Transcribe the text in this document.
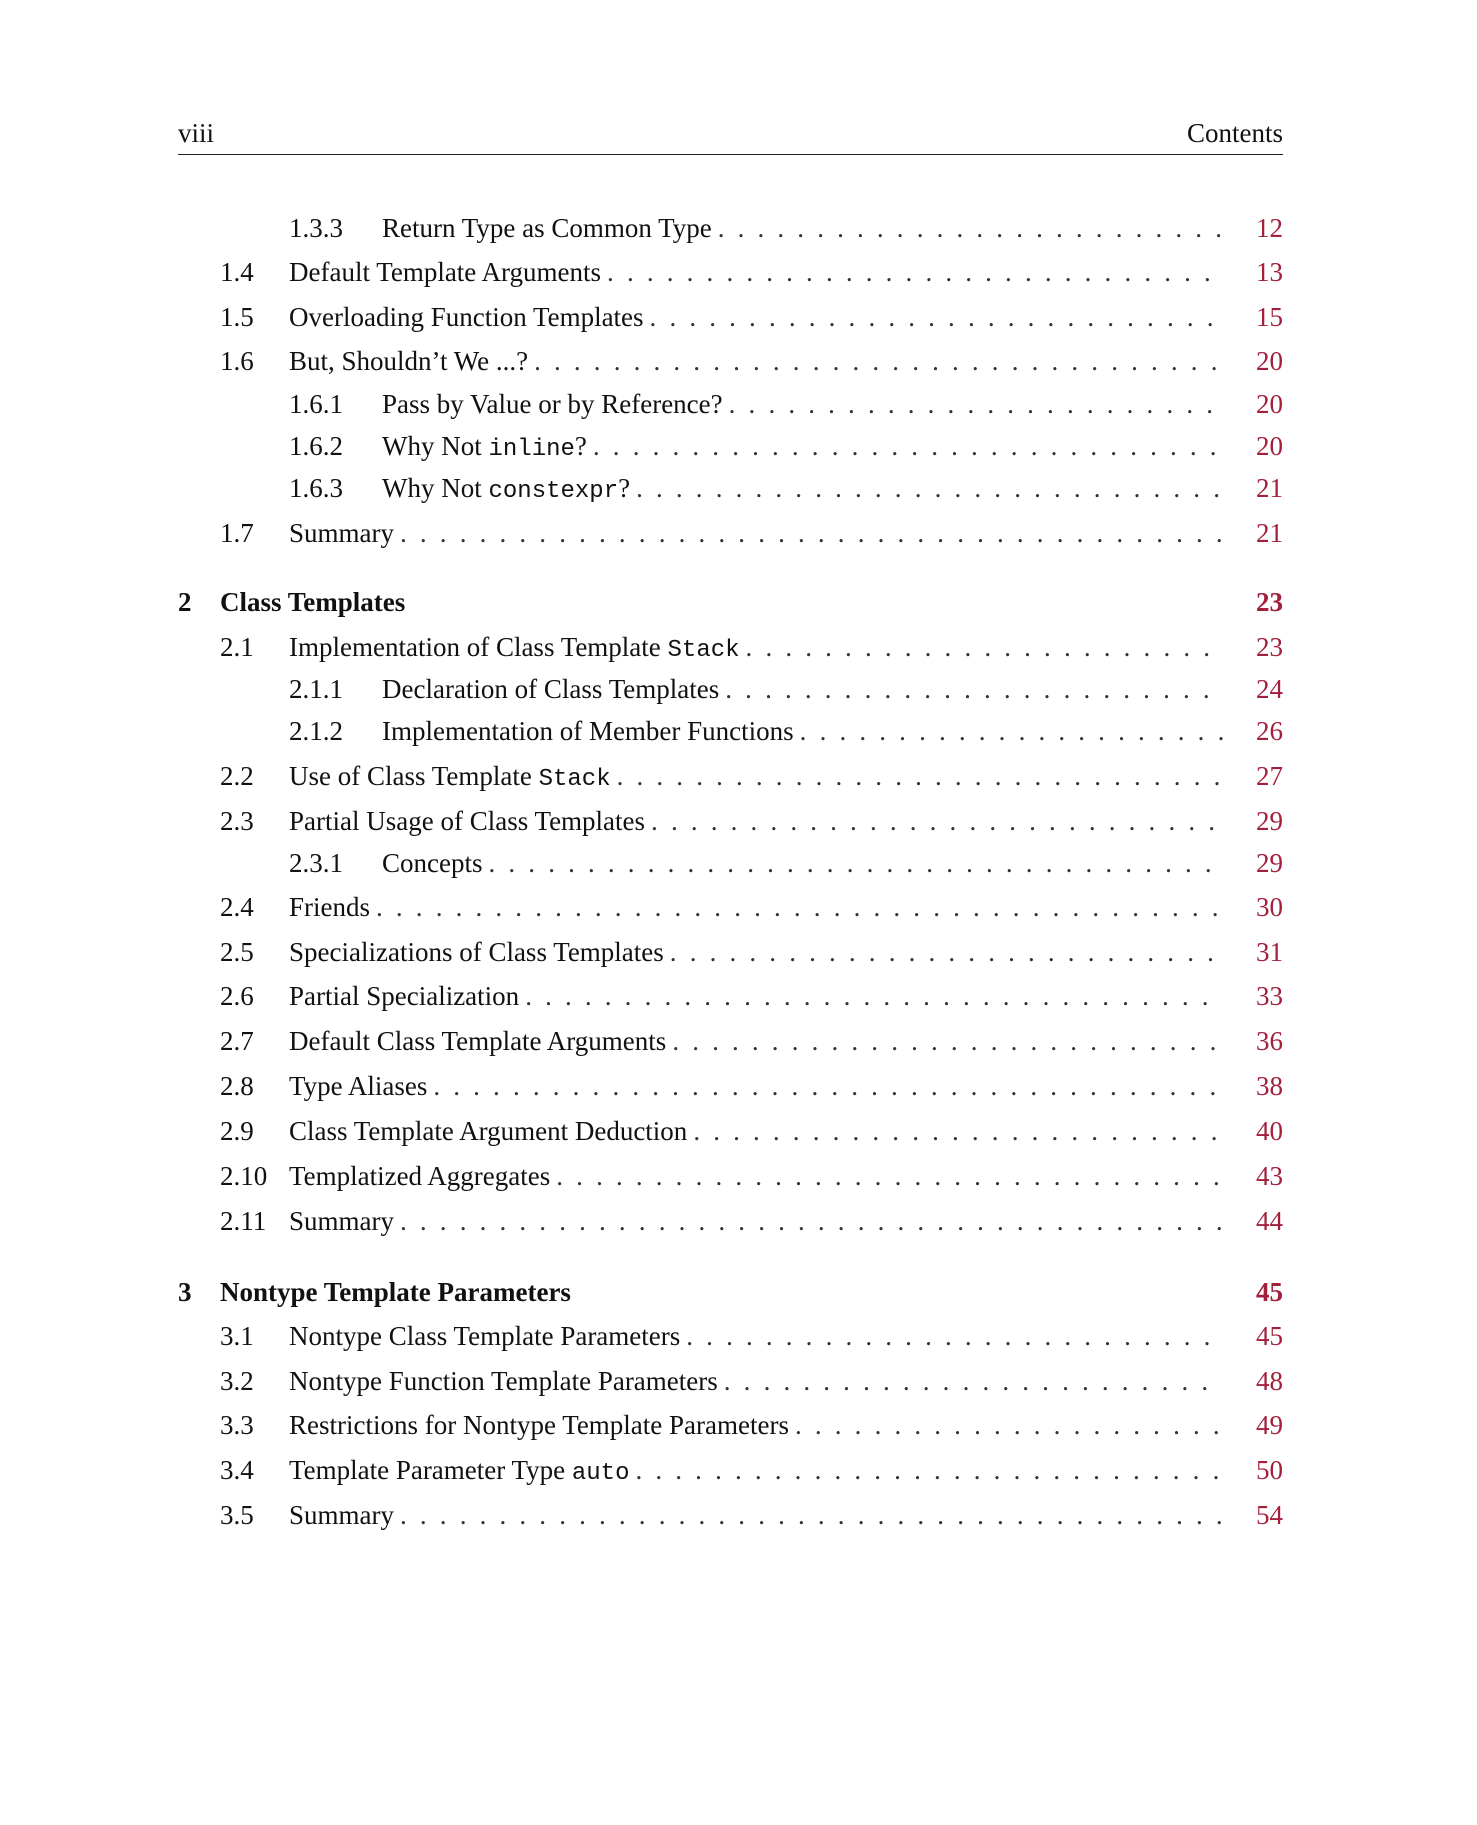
viii	Contents
1.3.3 Return Type as Common Type . . .	12
1.4 Default Template Arguments . . .	13
1.5 Overloading Function Templates . . .	15
1.6 But, Shouldn’t We ...? . . .	20
1.6.1 Pass by Value or by Reference? . . .	20
1.6.2 Why Not inline? . . .	20
1.6.3 Why Not constexpr? . . .	21
1.7 Summary . . .	21
2 Class Templates	23
2.1 Implementation of Class Template Stack . . .	23
2.1.1 Declaration of Class Templates . . .	24
2.1.2 Implementation of Member Functions . . .	26
2.2 Use of Class Template Stack . . .	27
2.3 Partial Usage of Class Templates . . .	29
2.3.1 Concepts . . .	29
2.4 Friends . . .	30
2.5 Specializations of Class Templates . . .	31
2.6 Partial Specialization . . .	33
2.7 Default Class Template Arguments . . .	36
2.8 Type Aliases . . .	38
2.9 Class Template Argument Deduction . . .	40
2.10 Templatized Aggregates . . .	43
2.11 Summary . . .	44
3 Nontype Template Parameters	45
3.1 Nontype Class Template Parameters . . .	45
3.2 Nontype Function Template Parameters . . .	48
3.3 Restrictions for Nontype Template Parameters . . .	49
3.4 Template Parameter Type auto . . .	50
3.5 Summary . . .	54
